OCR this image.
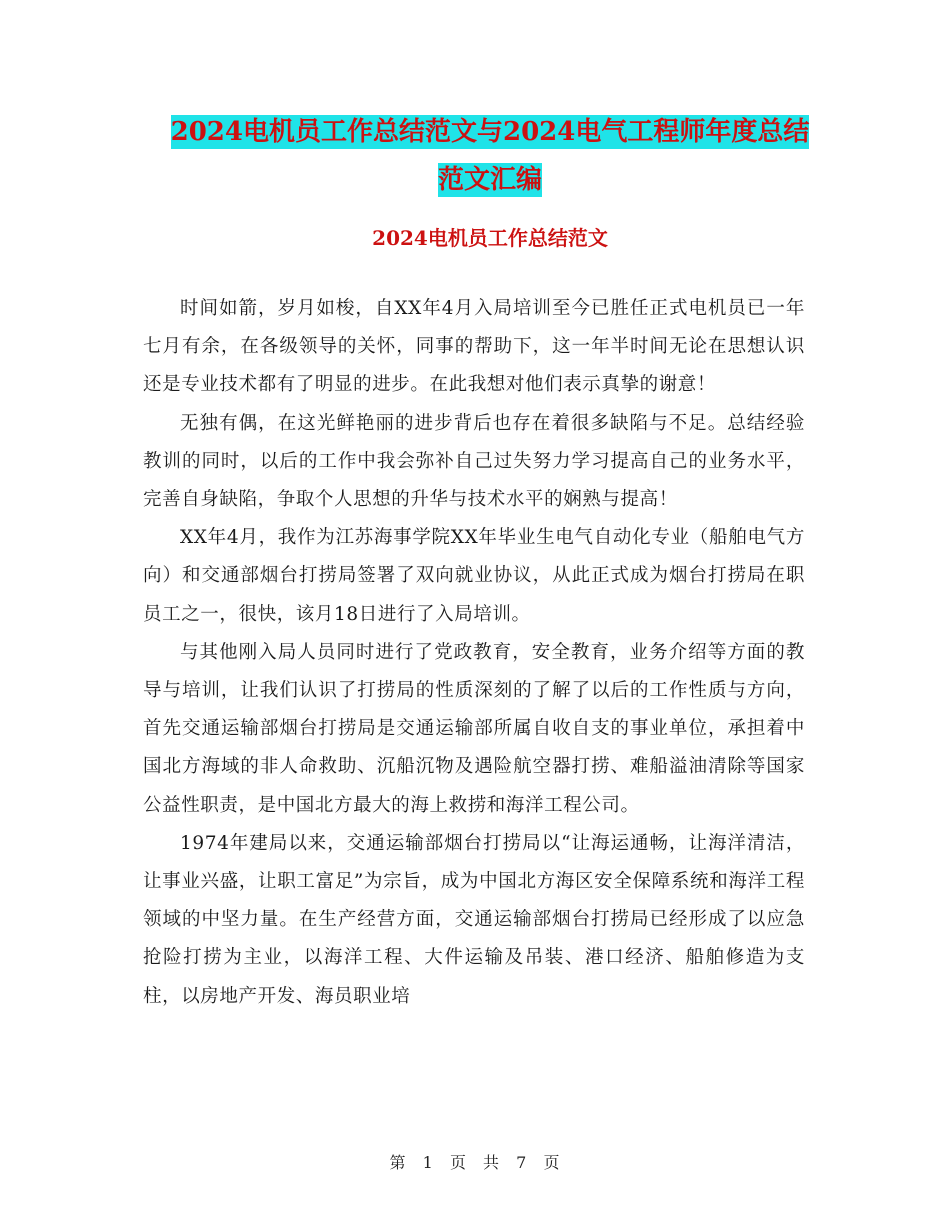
2024电机员工作总结范文与2024电气工程师年度总结
范文汇编
2024电机员工作总结范文

时间如箭，岁月如梭，自XX年4月入局培训至今已胜任正式电机员已一年七月有余，在各级领导的关怀，同事的帮助下，这一年半时间无论在思想认识还是专业技术都有了明显的进步。在此我想对他们表示真挚的谢意！

无独有偶，在这光鲜艳丽的进步背后也存在着很多缺陷与不足。总结经验教训的同时，以后的工作中我会弥补自己过失努力学习提高自己的业务水平，完善自身缺陷，争取个人思想的升华与技术水平的娴熟与提高！

XX年4月，我作为江苏海事学院XX年毕业生电气自动化专业（船舶电气方向）和交通部烟台打捞局签署了双向就业协议，从此正式成为烟台打捞局在职员工之一，很快，该月18日进行了入局培训。

与其他刚入局人员同时进行了党政教育，安全教育，业务介绍等方面的教导与培训，让我们认识了打捞局的性质深刻的了解了以后的工作性质与方向，首先交通运输部烟台打捞局是交通运输部所属自收自支的事业单位，承担着中国北方海域的非人命救助、沉船沉物及遇险航空器打捞、难船溢油清除等国家公益性职责，是中国北方最大的海上救捞和海洋工程公司。

1974年建局以来，交通运输部烟台打捞局以“让海运通畅，让海洋清洁，让事业兴盛，让职工富足”为宗旨，成为中国北方海区安全保障系统和海洋工程领域的中坚力量。在生产经营方面，交通运输部烟台打捞局已经形成了以应急抢险打捞为主业，以海洋工程、大件运输及吊装、港口经济、船舶修造为支柱，以房地产开发、海员职业培

第 1 页 共 7 页
